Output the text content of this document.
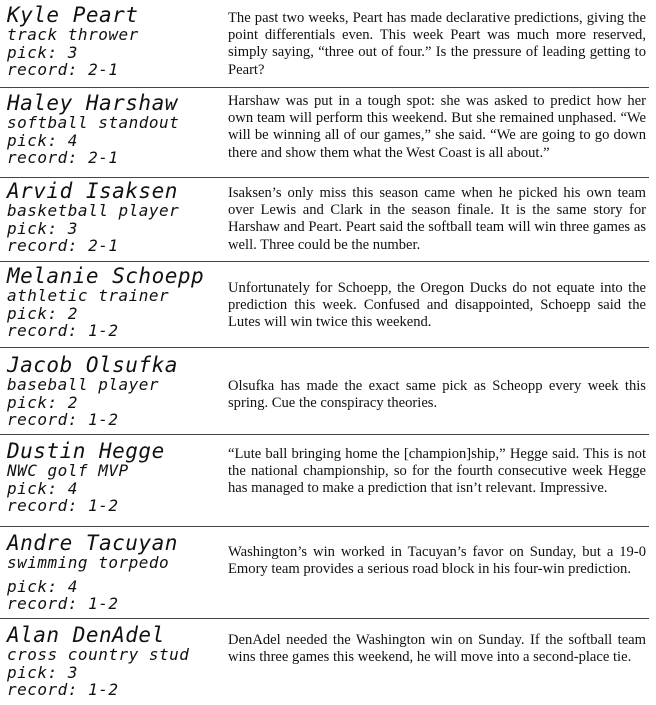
Kyle Peart
track thrower
pick: 3
record: 2-1
The past two weeks, Peart has made declarative predictions, giving the point differentials even. This week Peart was much more reserved, simply saying, “three out of four.” Is the pressure of leading getting to Peart?
Haley Harshaw
softball standout
pick: 4
record: 2-1
Harshaw was put in a tough spot: she was asked to predict how her own team will perform this weekend. But she remained unphased. “We will be winning all of our games,” she said. “We are going to go down there and show them what the West Coast is all about.”
Arvid Isaksen
basketball player
pick: 3
record: 2-1
Isaksen’s only miss this season came when he picked his own team over Lewis and Clark in the season finale. It is the same story for Harshaw and Peart. Peart said the softball team will win three games as well. Three could be the number.
Melanie Schoepp
athletic trainer
pick: 2
record: 1-2
Unfortunately for Schoepp, the Oregon Ducks do not equate into the prediction this week. Confused and disappointed, Schoepp said the Lutes will win twice this weekend.
Jacob Olsufka
baseball player
pick: 2
record: 1-2
Olsufka has made the exact same pick as Scheopp every week this spring. Cue the conspiracy theories.
Dustin Hegge
NWC golf MVP
pick: 4
record: 1-2
“Lute ball bringing home the [champion]ship,” Hegge said. This is not the national championship, so for the fourth consecutive week Hegge has managed to make a prediction that isn’t relevant. Impressive.
Andre Tacuyan
swimming torpedo
pick: 4
record: 1-2
Washington’s win worked in Tacuyan’s favor on Sunday, but a 19-0 Emory team provides a serious road block in his four-win prediction.
Alan DenAdel
cross country stud
pick: 3
record: 1-2
DenAdel needed the Washington win on Sunday. If the softball team wins three games this weekend, he will move into a second-place tie.
